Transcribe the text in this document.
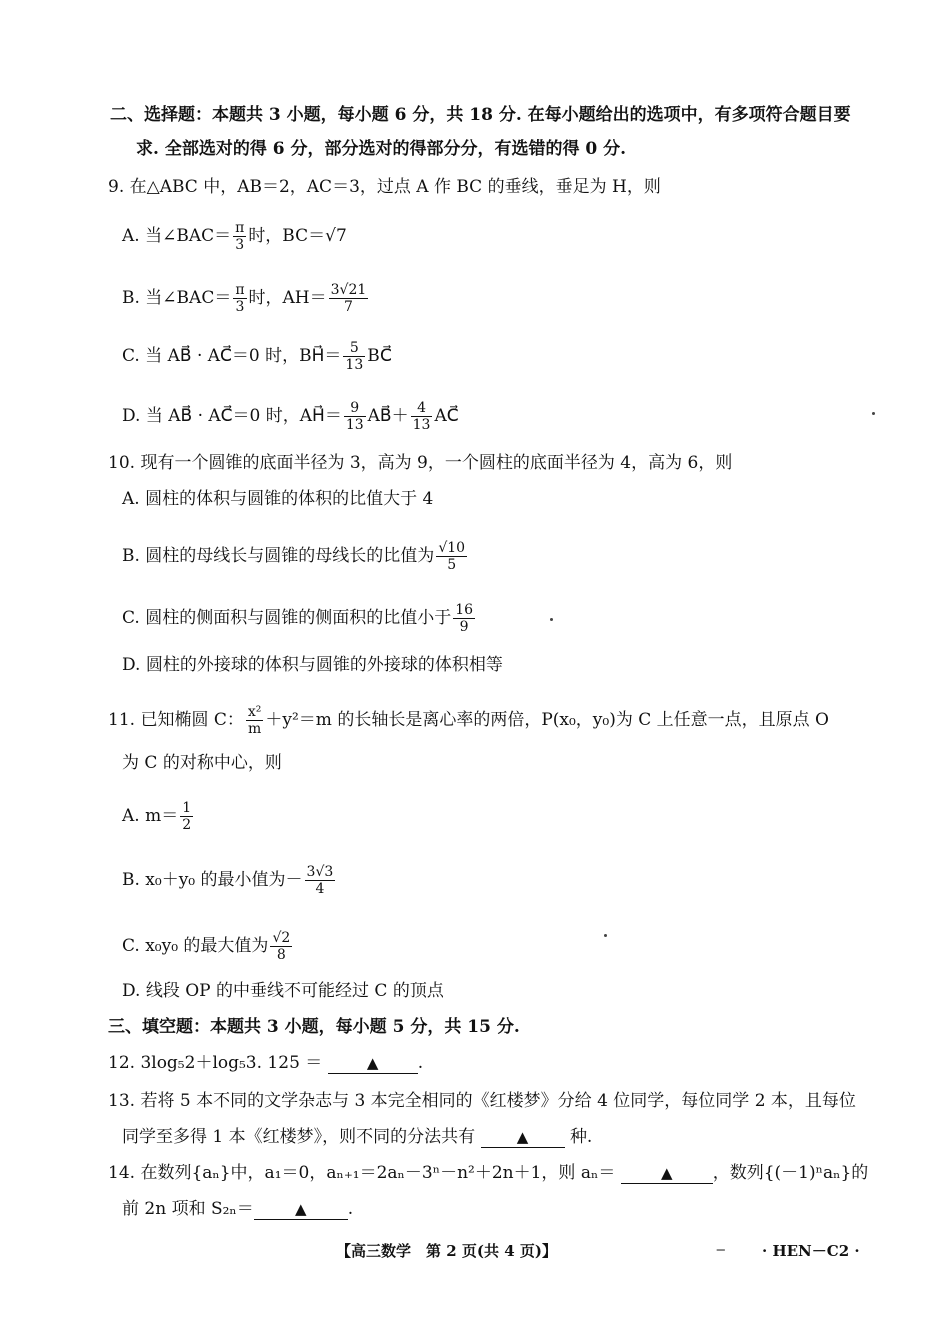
二、选择题：本题共 3 小题，每小题 6 分，共 18 分. 在每小题给出的选项中，有多项符合题目要
求. 全部选对的得 6 分，部分选对的得部分分，有选错的得 0 分.
9. 在△ABC 中，AB＝2，AC＝3，过点 A 作 BC 的垂线，垂足为 H，则
A. 当∠BAC＝ $\frac{\pi}{3}$ 时，BC＝√7
B. 当∠BAC＝ $\frac{\pi}{3}$ 时，$AH= \frac{3√21}{7}$
C. 当 AB⃗ · AC⃗＝0 时，BH⃗＝ $\frac{5}{13}$ BC⃗
D. 当 AB⃗ · AC⃗＝0 时，AH⃗＝ $\frac{9}{13}$ AB⃗＋ $\frac{4}{13}$ AC⃗
10. 现有一个圆锥的底面半径为 3，高为 9，一个圆柱的底面半径为 4，高为 6，则
A. 圆柱的体积与圆锥的体积的比值大于 4
B. 圆柱的母线长与圆锥的母线长的比值为 $\frac{√10}{5}$
C. 圆柱的侧面积与圆锥的侧面积的比值小于 $\frac{16}{9}$
D. 圆柱的外接球的体积与圆锥的外接球的体积相等
11. 已知椭圆 C： $\frac{\text{x²}}{m} +y^2=m$ 的长轴长是离心率的两倍，P(x₀，y₀)为 C 上任意一点，且原点 O
为 C 的对称中心，则
A. $m= \frac{1}{2}$
B. x₀＋y₀ 的最小值为－ $\frac{3√3}{4}$
C. x₀y₀ 的最大值为 $\frac{√2}{8}$
D. 线段 OP 的中垂线不可能经过 C 的顶点
三、填空题：本题共 3 小题，每小题 5 分，共 15 分.
12. 3log₅2＋log₅3. 125 ＝	▲ .
13. 若将 5 本不同的文学杂志与 3 本完全相同的《红楼梦》分给 4 位同学，每位同学 2 本，且每位
同学至多得 1 本《红楼梦》，则不同的分法共有	▲ 种.
14. 在数列{aₙ}中，a₁＝0，aₙ₊₁＝2aₙ－3ⁿ－n²＋2n＋1，则 aₙ＝	▲ ，数列{(－1)ⁿaₙ}的
前 2n 项和 S₂ₙ＝	▲ .
【高三数学　第 2 页(共 4 页)】	‒ · HEN－C2 ·
